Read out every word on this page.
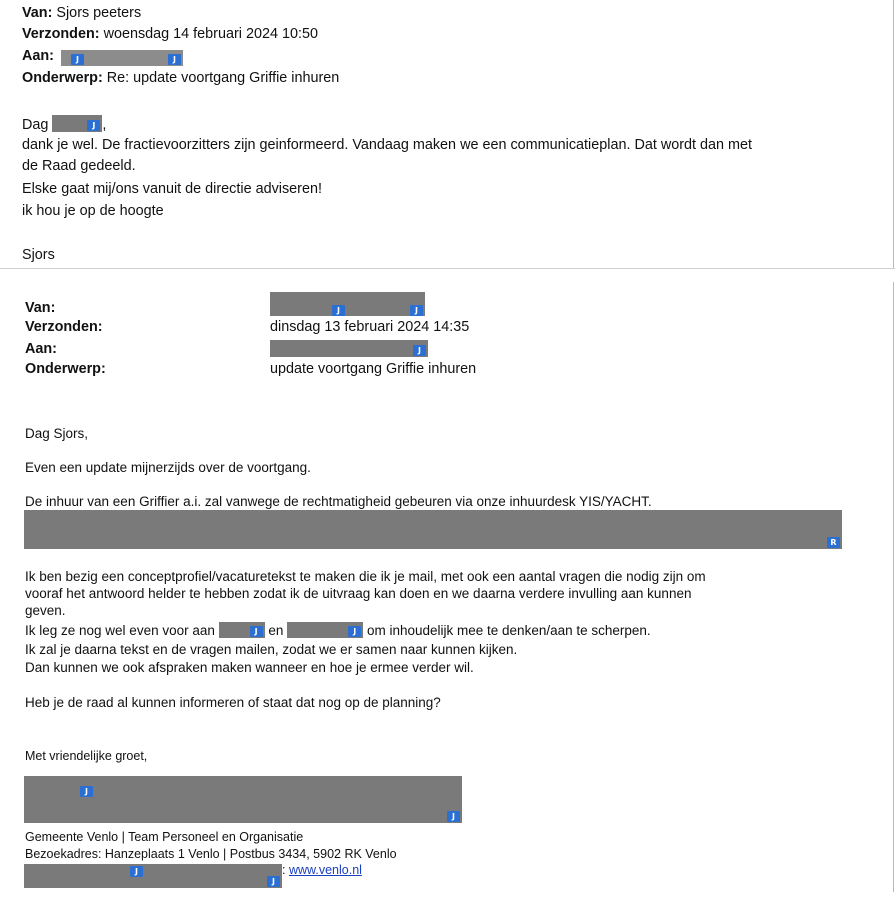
Van: Sjors peeters
Verzonden: woensdag 14 februari 2024 10:50
Aan:	J	J
Onderwerp: Re: update voortgang Griffie inhuren
Dag	J ,
dank je wel. De fractievoorzitters zijn geinformeerd. Vandaag maken we een communicatieplan. Dat wordt dan met
de Raad gedeeld.
Elske gaat mij/ons vanuit de directie adviseren!
ik hou je op de hoogte
Sjors
Van:	J	J
Verzonden:	dinsdag 13 februari 2024 14:35
Aan:	J
Onderwerp:	update voortgang Griffie inhuren
Dag Sjors,
Even een update mijnerzijds over de voortgang.
De inhuur van een Griffier a.i. zal vanwege de rechtmatigheid gebeuren via onze inhuurdesk YIS/YACHT.
R
Ik ben bezig een conceptprofiel/vacaturetekst te maken die ik je mail, met ook een aantal vragen die nodig zijn om
vooraf het antwoord helder te hebben zodat ik de uitvraag kan doen en we daarna verdere invulling aan kunnen
geven.
Ik leg ze nog wel even voor aan	J en	J om inhoudelijk mee te denken/aan te scherpen.
Ik zal je daarna tekst en de vragen mailen, zodat we er samen naar kunnen kijken.
Dan kunnen we ook afspraken maken wanneer en hoe je ermee verder wil.
Heb je de raad al kunnen informeren of staat dat nog op de planning?
Met vriendelijke groet,
J
J
Gemeente Venlo | Team Personeel en Organisatie
Bezoekadres: Hanzeplaats 1 Venlo | Postbus 3434, 5902 RK Venlo
J
J
: www.venlo.nl
